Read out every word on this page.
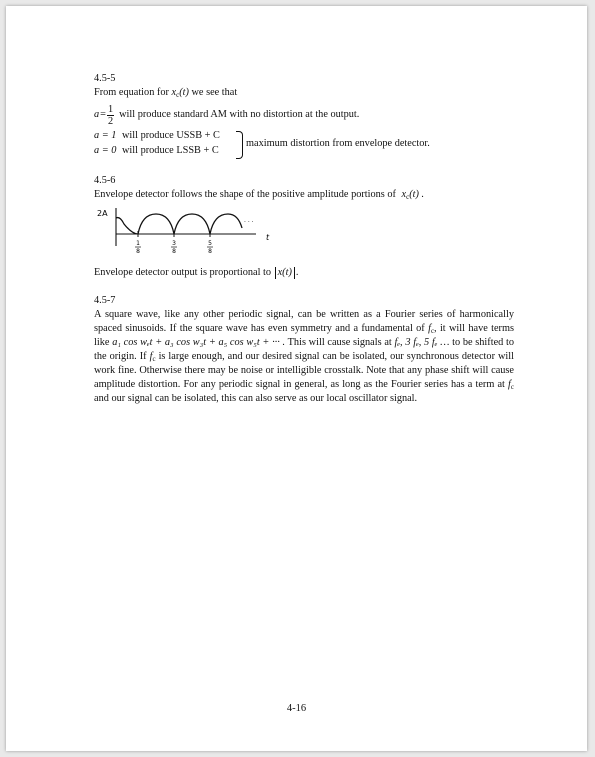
4.5-5
From equation for $x_c(t)$ we see that
$a = \frac{1}{2}$ will produce standard AM with no distortion at the output.
a = 1 will produce USSB + C
a = 0 will produce LSSB + C
maximum distortion from envelope detector.
4.5-6
Envelope detector follows the shape of the positive amplitude portions of $x_c(t)$ .
2A
. . .
t
1
8
3
8
5
8
Envelope detector output is proportional to x(t) .
4.5-7
A square wave, like any other periodic signal, can be written as a Fourier series of harmonically spaced sinusoids. If the square wave has even symmetry and a fundamental of $f_c$, it will have terms like a₁ cos wₑt + a₃ cos w₃t + a₅ cos w₅t + ··· . This will cause signals at fₑ, 3 fₑ, 5 fₑ … to be shifted to the origin. If $f_c$ is large enough, and our desired signal can be isolated, our synchronous detector will work fine. Otherwise there may be noise or intelligible crosstalk. Note that any phase shift will cause amplitude distortion. For any periodic signal in general, as long as the Fourier series has a term at $f_c$ and our signal can be isolated, this can also serve as our local oscillator signal.
4-16
